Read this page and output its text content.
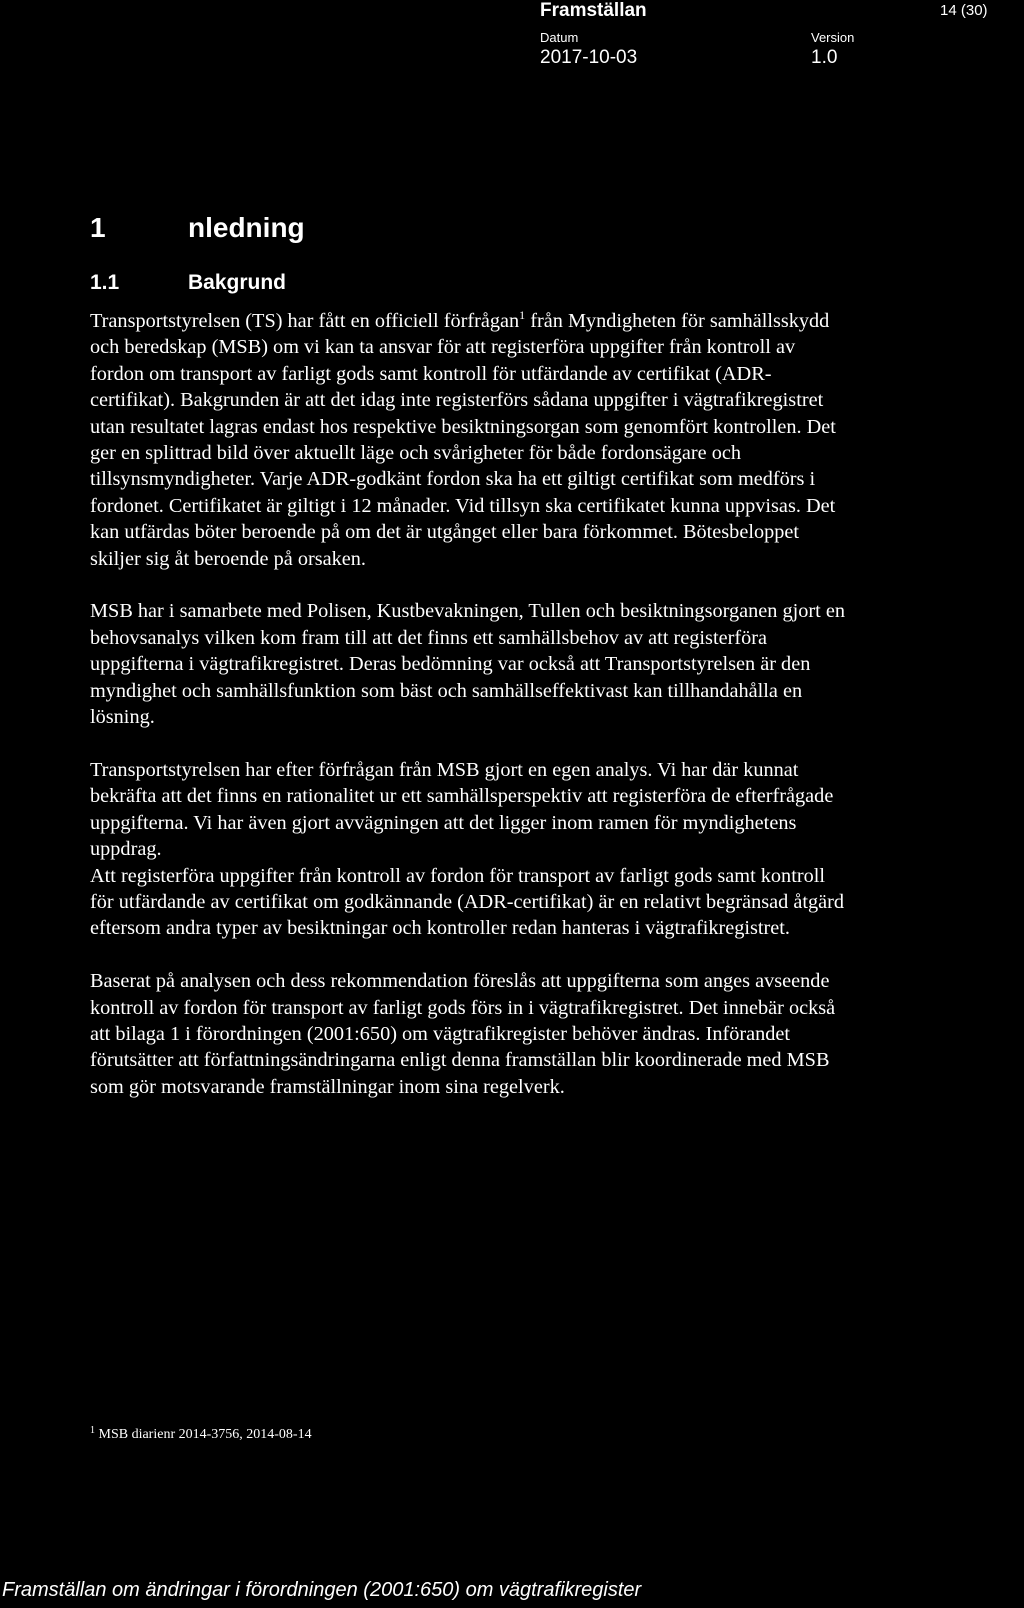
Framställan	14 (30)
Datum
2017-10-03
Version
1.0
1	nledning
1.1	Bakgrund

Transportstyrelsen (TS) har fått en officiell förfrågan$^1$ från Myndigheten för samhällsskydd och beredskap (MSB) om vi kan ta ansvar för att registerföra uppgifter från kontroll av fordon om transport av farligt gods samt kontroll för utfärdande av certifikat (ADR-certifikat). Bakgrunden är att det idag inte registerförs sådana uppgifter i vägtrafikregistret utan resultatet lagras endast hos respektive besiktningsorgan som genomfört kontrollen. Det ger en splittrad bild över aktuellt läge och svårigheter för både fordonsägare och tillsynsmyndigheter. Varje ADR-godkänt fordon ska ha ett giltigt certifikat som medförs i fordonet. Certifikatet är giltigt i 12 månader. Vid tillsyn ska certifikatet kunna uppvisas. Det kan utfärdas böter beroende på om det är utgånget eller bara förkommet. Bötesbeloppet skiljer sig åt beroende på orsaken.

MSB har i samarbete med Polisen, Kustbevakningen, Tullen och besiktningsorganen gjort en behovsanalys vilken kom fram till att det finns ett samhällsbehov av att registerföra uppgifterna i vägtrafikregistret. Deras bedömning var också att Transportstyrelsen är den myndighet och samhällsfunktion som bäst och samhällseffektivast kan tillhandahålla en lösning.

Transportstyrelsen har efter förfrågan från MSB gjort en egen analys. Vi har där kunnat bekräfta att det finns en rationalitet ur ett samhällsperspektiv att registerföra de efterfrågade uppgifterna. Vi har även gjort avvägningen att det ligger inom ramen för myndighetens uppdrag.

Att registerföra uppgifter från kontroll av fordon för transport av farligt gods samt kontroll för utfärdande av certifikat om godkännande (ADR-certifikat) är en relativt begränsad åtgärd eftersom andra typer av besiktningar och kontroller redan hanteras i vägtrafikregistret.

Baserat på analysen och dess rekommendation föreslås att uppgifterna som anges avseende kontroll av fordon för transport av farligt gods förs in i vägtrafikregistret. Det innebär också att bilaga 1 i förordningen (2001:650) om vägtrafikregister behöver ändras. Införandet förutsätter att författningsändringarna enligt denna framställan blir koordinerade med MSB som gör motsvarande framställningar inom sina regelverk.

$^1$ MSB diarienr 2014-3756, 2014-08-14
Framställan om ändringar i förordningen (2001:650) om vägtrafikregister
